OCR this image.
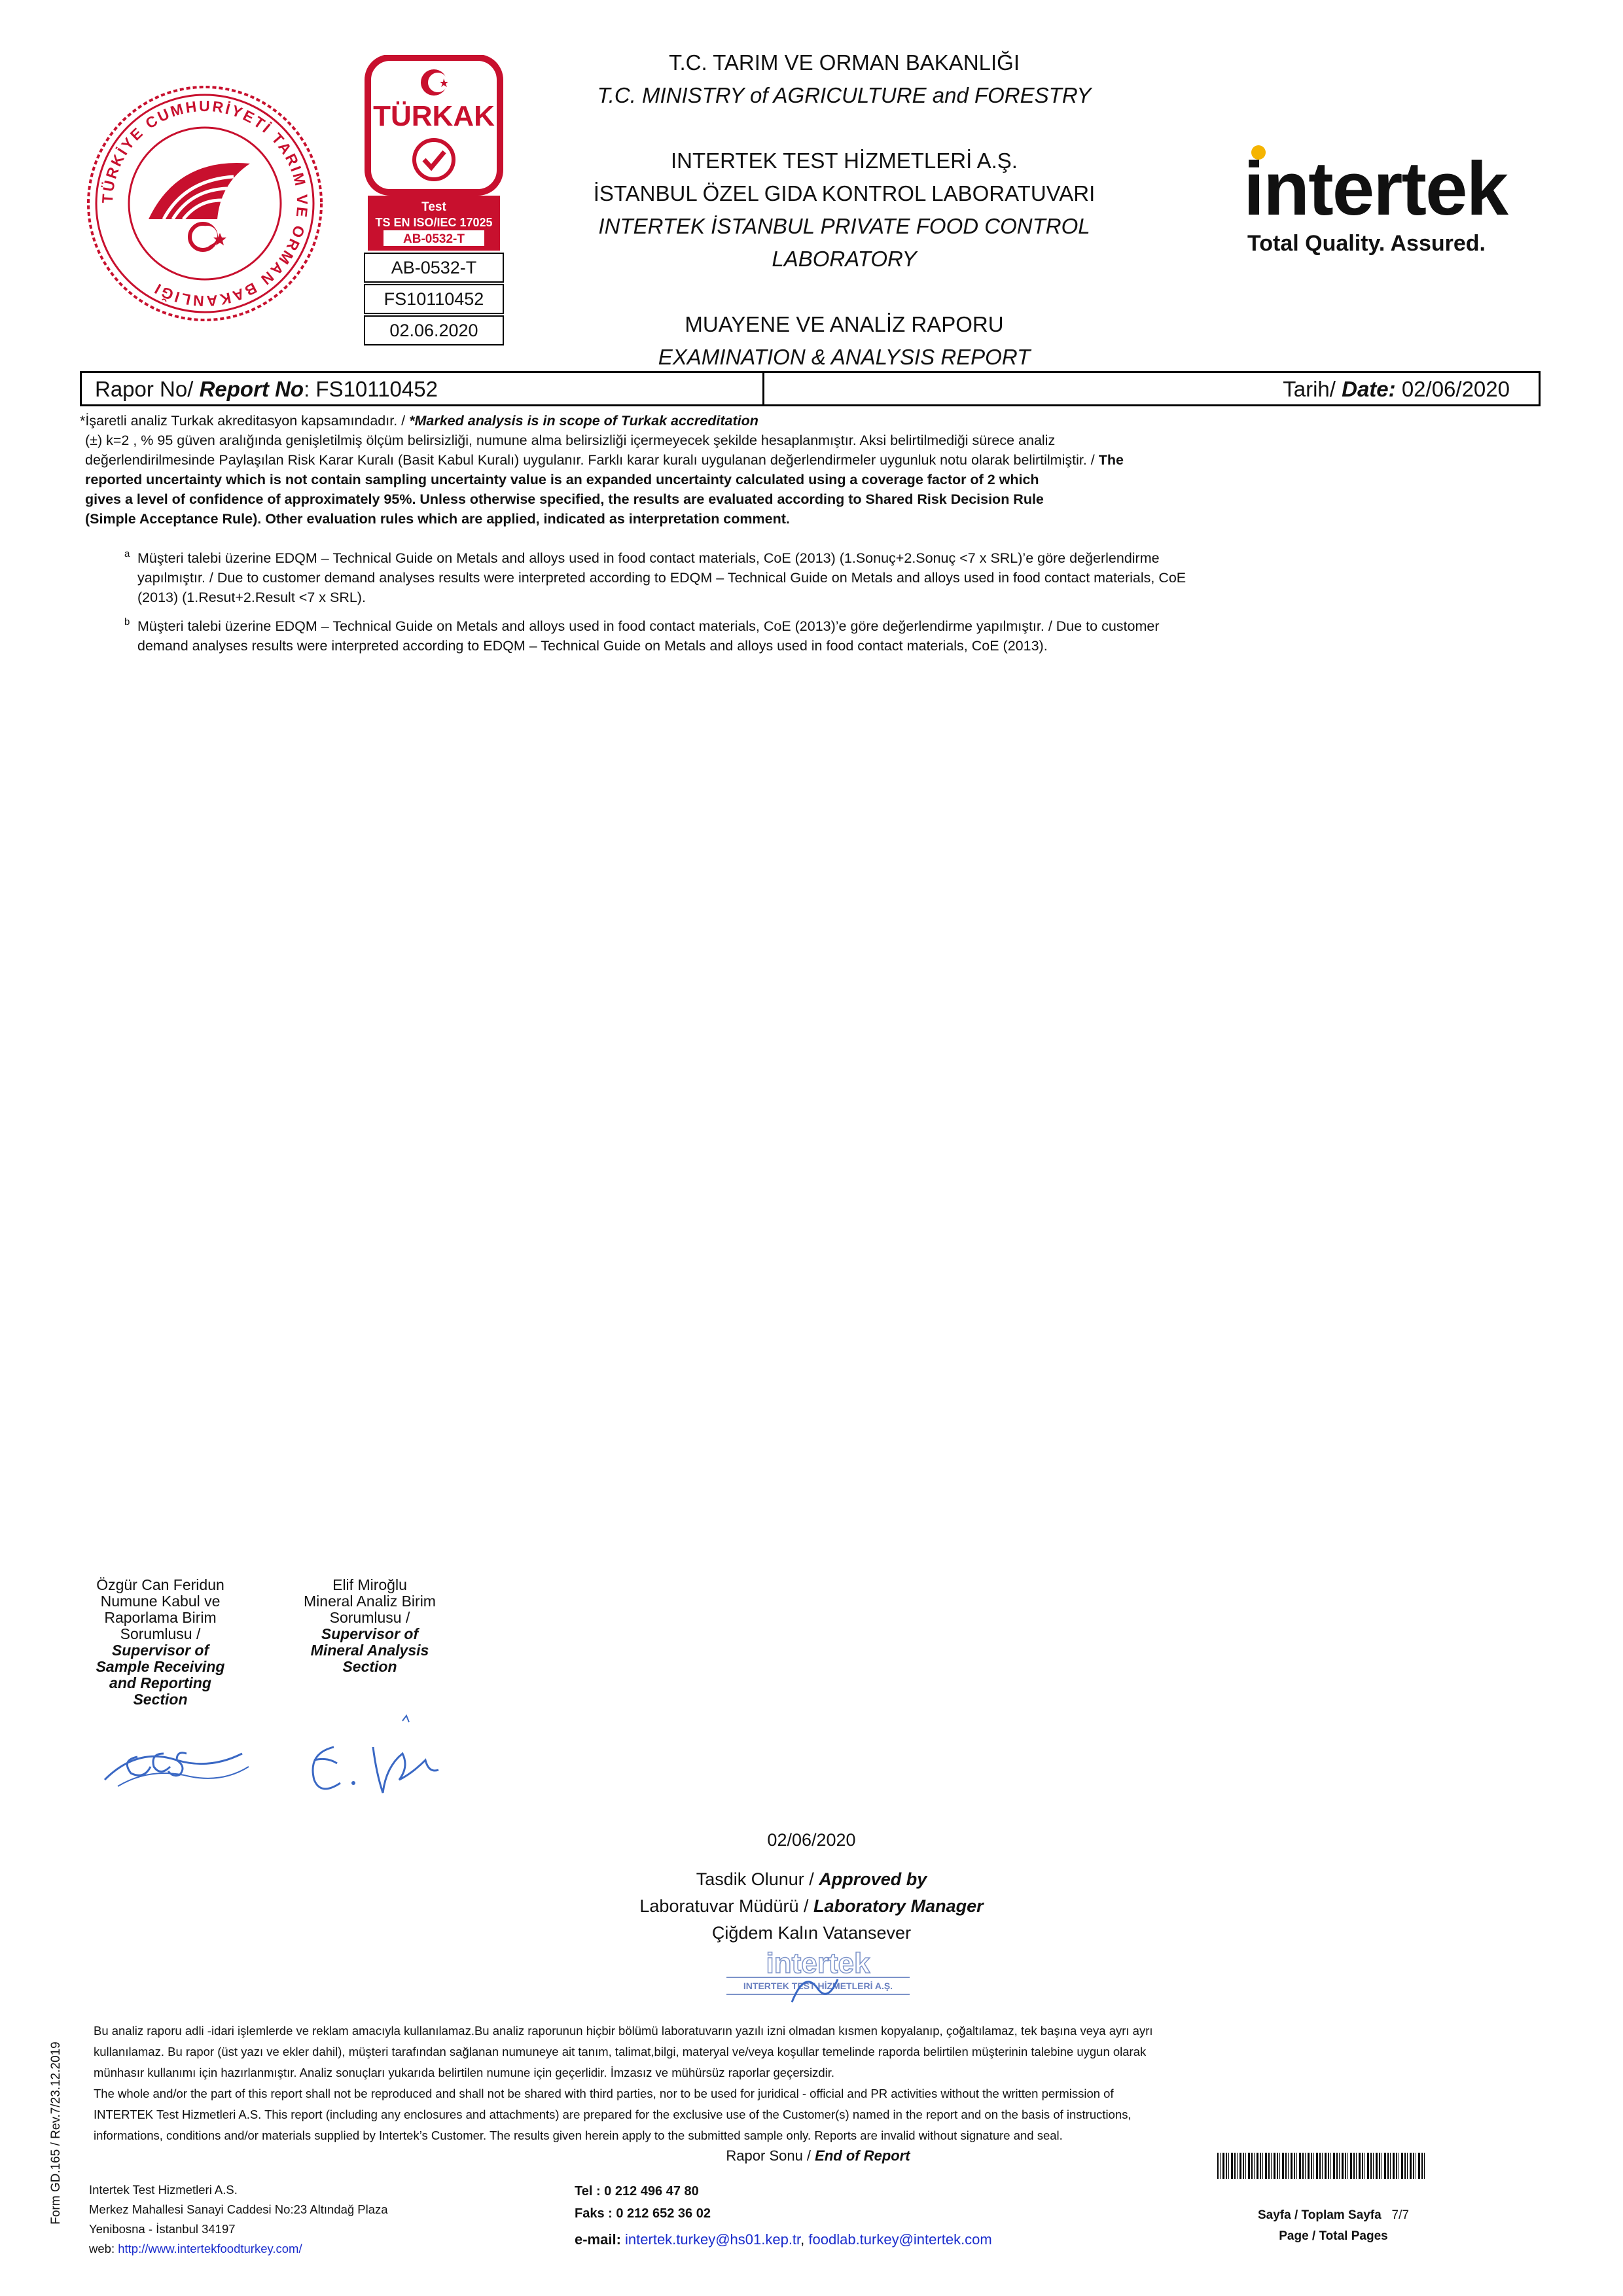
TÜRKİYE CUMHURİYETİ TARIM VE ORMAN BAKANLIĞI
TÜRKAK
Test
TS EN ISO/IEC 17025
AB-0532-T
AB-0532-T
FS10110452
02.06.2020
T.C. TARIM VE ORMAN BAKANLIĞI
T.C. MINISTRY of AGRICULTURE and FORESTRY
INTERTEK TEST HİZMETLERİ A.Ş.
İSTANBUL ÖZEL GIDA KONTROL LABORATUVARI
INTERTEK İSTANBUL PRIVATE FOOD CONTROL
LABORATORY
MUAYENE VE ANALİZ RAPORU
EXAMINATION & ANALYSIS REPORT
intertek
Total Quality. Assured.
Rapor No/ Report No: FS10110452	Tarih/ Date: 02/06/2020

*İşaretli analiz Turkak akreditasyon kapsamındadır. / *Marked analysis is in scope of Turkak accreditation

(±) k=2 , % 95 güven aralığında genişletilmiş ölçüm belirsizliği, numune alma belirsizliği içermeyecek şekilde hesaplanmıştır. Aksi belirtilmediği sürece analiz

değerlendirilmesinde Paylaşılan Risk Karar Kuralı (Basit Kabul Kuralı) uygulanır. Farklı karar kuralı uygulanan değerlendirmeler uygunluk notu olarak belirtilmiştir. / The

reported uncertainty which is not contain sampling uncertainty value is an expanded uncertainty calculated using a coverage factor of 2 which

gives a level of confidence of approximately 95%. Unless otherwise specified, the results are evaluated according to Shared Risk Decision Rule

(Simple Acceptance Rule). Other evaluation rules which are applied, indicated as interpretation comment.

a Müşteri talebi üzerine EDQM – Technical Guide on Metals and alloys used in food contact materials, CoE (2013) (1.Sonuç+2.Sonuç <7 x SRL)’e göre değerlendirme
yapılmıştır. / Due to customer demand analyses results were interpreted according to EDQM – Technical Guide on Metals and alloys used in food contact materials, CoE
(2013) (1.Resut+2.Result <7 x SRL).
b Müşteri talebi üzerine EDQM – Technical Guide on Metals and alloys used in food contact materials, CoE (2013)’e göre değerlendirme yapılmıştır. / Due to customer
demand analyses results were interpreted according to EDQM – Technical Guide on Metals and alloys used in food contact materials, CoE (2013).
Özgür Can Feridun
Numune Kabul ve
Raporlama Birim
Sorumlusu /
Supervisor of
Sample Receiving
and Reporting
Section
Elif Miroğlu
Mineral Analiz Birim
Sorumlusu /
Supervisor of
Mineral Analysis
Section
02/06/2020
Tasdik Olunur / Approved by
Laboratuvar Müdürü / Laboratory Manager
Çiğdem Kalın Vatansever
intertek
INTERTEK TEST HİZMETLERİ A.Ş.

Bu analiz raporu adli -idari işlemlerde ve reklam amacıyla kullanılamaz.Bu analiz raporunun hiçbir bölümü laboratuvarın yazılı izni olmadan kısmen kopyalanıp, çoğaltılamaz, tek başına veya ayrı ayrı

kullanılamaz. Bu rapor (üst yazı ve ekler dahil), müşteri tarafından sağlanan numuneye ait tanım, talimat,bilgi, materyal ve/veya koşullar temelinde raporda belirtilen müşterinin talebine uygun olarak

münhasır kullanımı için hazırlanmıştır. Analiz sonuçları yukarıda belirtilen numune için geçerlidir. İmzasız ve mühürsüz raporlar geçersizdir.

The whole and/or the part of this report shall not be reproduced and shall not be shared with third parties, nor to be used for juridical - official and PR activities without the written permission of

INTERTEK Test Hizmetleri A.S. This report (including any enclosures and attachments) are prepared for the exclusive use of the Customer(s) named in the report and on the basis of instructions,

informations, conditions and/or materials supplied by Intertek’s Customer. The results given herein apply to the submitted sample only. Reports are invalid without signature and seal.

Rapor Sonu / End of Report
Form GD.165 / Rev.7/23.12.2019 Intertek Test Hizmetleri A.S.
Merkez Mahallesi Sanayi Caddesi No:23 Altındağ Plaza
Yenibosna - İstanbul 34197
web: http://www.intertekfoodturkey.com/
Tel : 0 212 496 47 80
Faks : 0 212 652 36 02
e-mail: intertek.turkey@hs01.kep.tr, foodlab.turkey@intertek.com
Sayfa / Toplam Sayfa 7/7
Page / Total Pages
